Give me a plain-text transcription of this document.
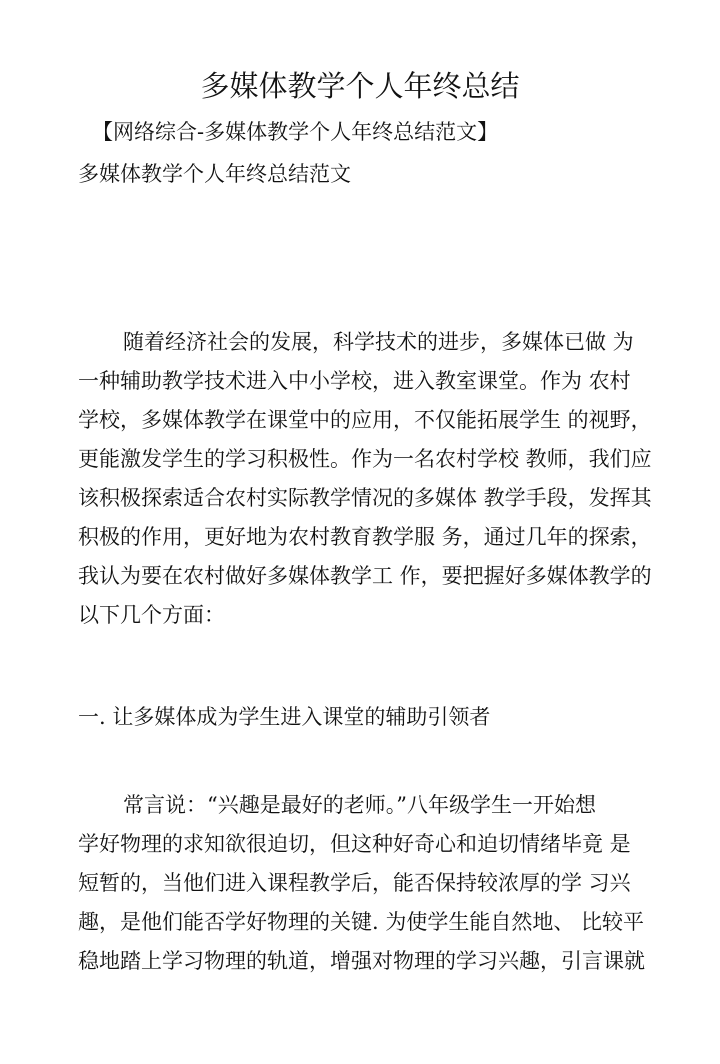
多媒体教学个人年终总结

【网络综合-多媒体教学个人年终总结范文】

多媒体教学个人年终总结范文

随着经济社会的发展，科学技术的进步，多媒体已做 为
一种辅助教学技术进入中小学校，进入教室课堂。作为 农村
学校，多媒体教学在课堂中的应用，不仅能拓展学生 的视野，
更能激发学生的学习积极性。作为一名农村学校 教师，我们应
该积极探索适合农村实际教学情况的多媒体 教学手段，发挥其
积极的作用，更好地为农村教育教学服 务，通过几年的探索，
我认为要在农村做好多媒体教学工 作，要把握好多媒体教学的
以下几个方面：

一. 让多媒体成为学生进入课堂的辅助引领者

常言说：“兴趣是最好的老师。”八年级学生一开始想
学好物理的求知欲很迫切，但这种好奇心和迫切情绪毕竟 是
短暂的，当他们进入课程教学后，能否保持较浓厚的学 习兴
趣，是他们能否学好物理的关键. 为使学生能自然地、 比较平
稳地踏上学习物理的轨道，增强对物理的学习兴趣，引言课就
